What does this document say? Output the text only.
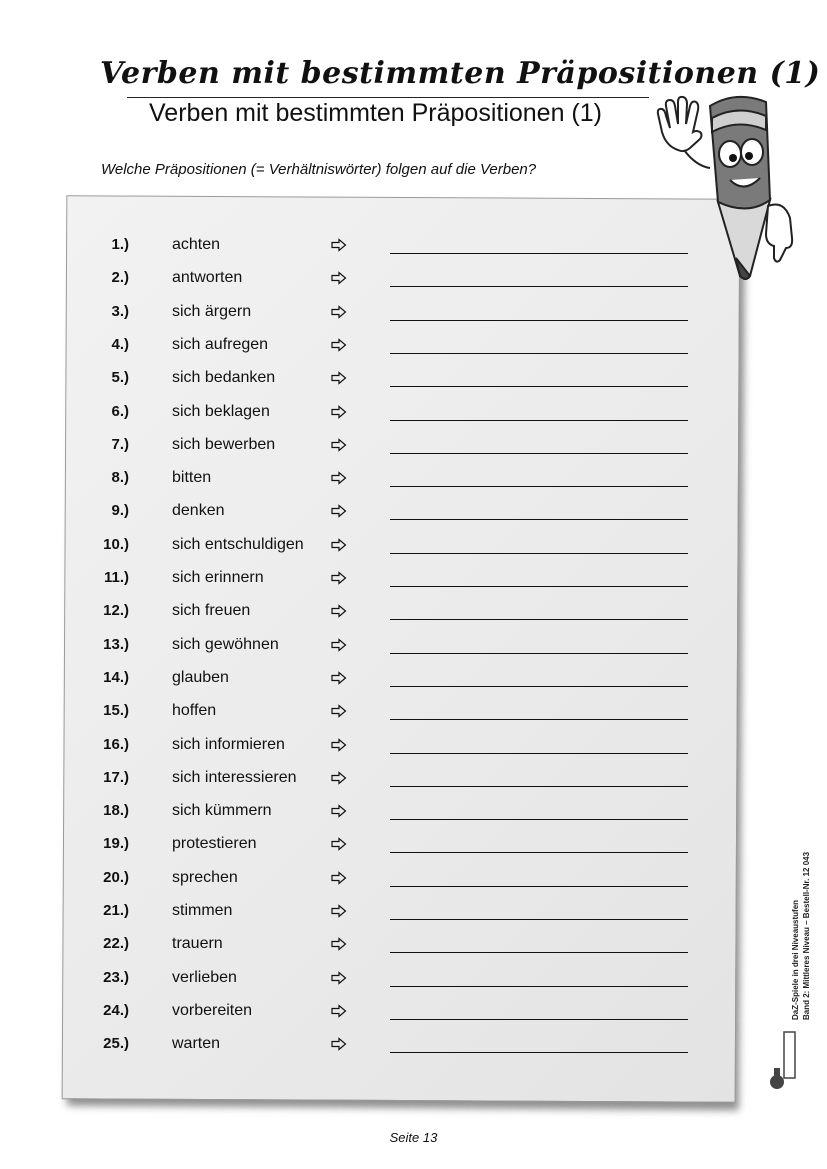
Verben mit bestimmten Präpositionen (1)
Verben mit bestimmten Präpositionen (1)
Welche Präpositionen (= Verhältniswörter) folgen auf die Verben?
1.)	achten
2.)	antworten
3.)	sich ärgern
4.)	sich aufregen
5.)	sich bedanken
6.)	sich beklagen
7.)	sich bewerben
8.)	bitten
9.)	denken
10.)	sich entschuldigen
11.)	sich erinnern
12.)	sich freuen
13.)	sich gewöhnen
14.)	glauben
15.)	hoffen
16.)	sich informieren
17.)	sich interessieren
18.)	sich kümmern
19.)	protestieren
20.)	sprechen
21.)	stimmen
22.)	trauern
23.)	verlieben
24.)	vorbereiten
25.)	warten
DaZ-Spiele in drei Niveaustufen Band 2: Mittleres Niveau – Bestell-Nr. 12 043
Seite 13
